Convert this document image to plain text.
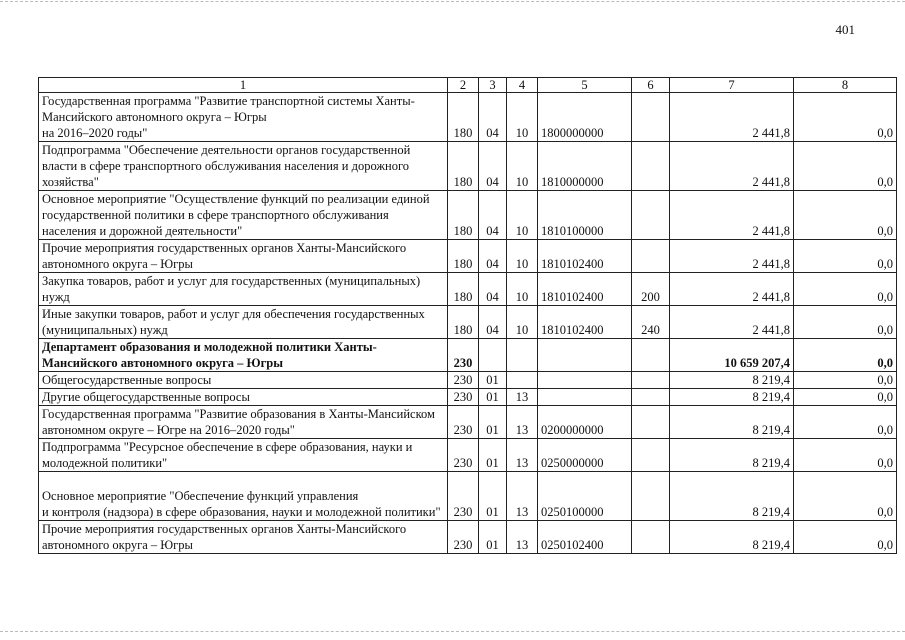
401
1	2	3	4	5	6	7	8
Государственная программа "Развитие транспортной системы Ханты-Мансийского автономного округа – Югры
на 2016–2020 годы"	180	04	10	1800000000		2 441,8	0,0
Подпрограмма "Обеспечение деятельности органов государственной власти в сфере транспортного обслуживания населения и дорожного хозяйства"	180	04	10	1810000000		2 441,8	0,0
Основное мероприятие "Осуществление функций по реализации единой государственной политики в сфере транспортного обслуживания населения и дорожной деятельности"	180	04	10	1810100000		2 441,8	0,0
Прочие мероприятия государственных органов Ханты-Мансийского автономного округа – Югры	180	04	10	1810102400		2 441,8	0,0
Закупка товаров, работ и услуг для государственных (муниципальных) нужд	180	04	10	1810102400	200	2 441,8	0,0
Иные закупки товаров, работ и услуг для обеспечения государственных (муниципальных) нужд	180	04	10	1810102400	240	2 441,8	0,0
Департамент образования и молодежной политики Ханты-Мансийского автономного округа – Югры	230					10 659 207,4	0,0
Общегосударственные вопросы	230	01				8 219,4	0,0
Другие общегосударственные вопросы	230	01	13			8 219,4	0,0
Государственная программа "Развитие образования в Ханты-Мансийском автономном округе – Югре на 2016–2020 годы"	230	01	13	0200000000		8 219,4	0,0
Подпрограмма "Ресурсное обеспечение в сфере образования, науки и молодежной политики"	230	01	13	0250000000		8 219,4	0,0
Основное мероприятие "Обеспечение функций управления
и контроля (надзора) в сфере образования, науки и молодежной политики"	230	01	13	0250100000		8 219,4	0,0
Прочие мероприятия государственных органов Ханты-Мансийского автономного округа – Югры	230	01	13	0250102400		8 219,4	0,0
